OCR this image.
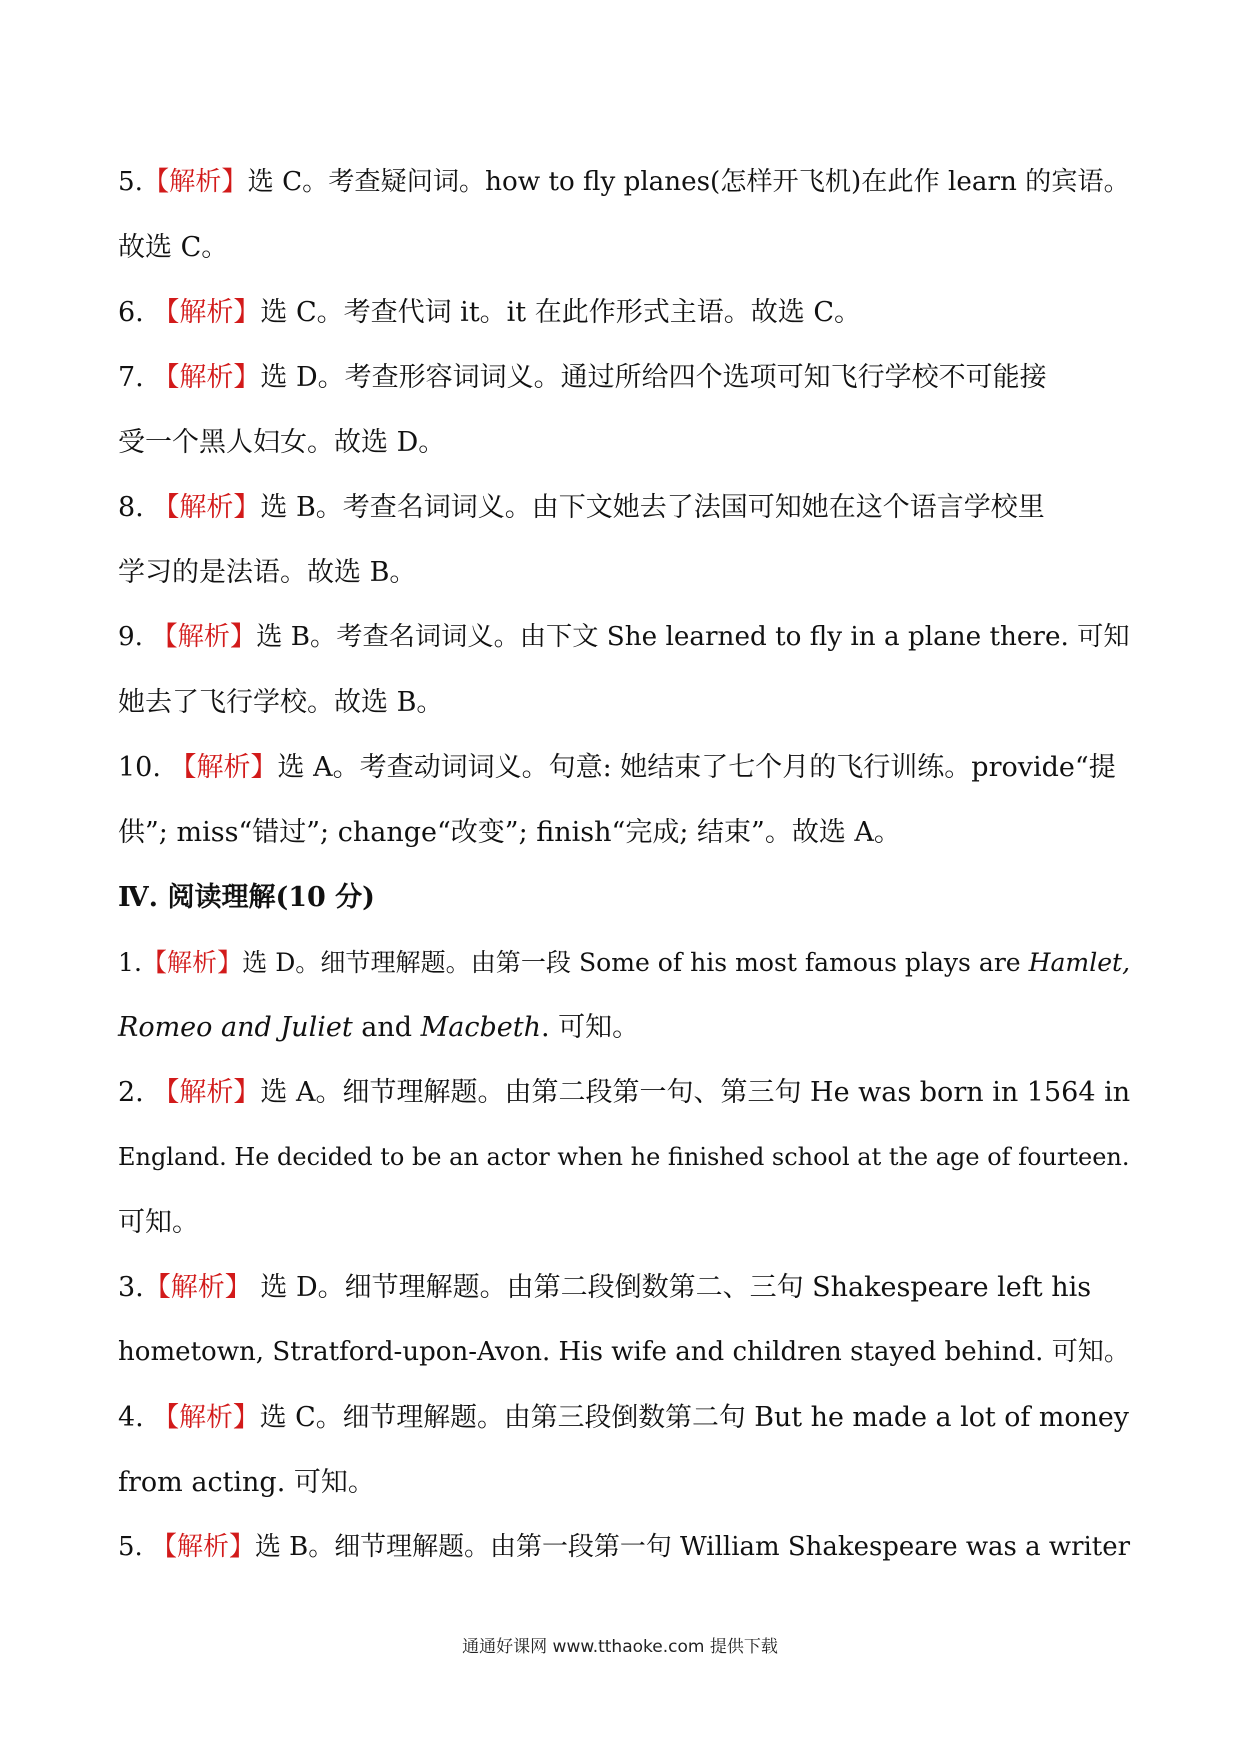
5.【解析】选 C。考查疑问词。how to fly planes(怎样开飞机)在此作 learn 的宾语。
故选 C。
6. 【解析】选 C。考查代词 it。it 在此作形式主语。故选 C。
7. 【解析】选 D。考查形容词词义。通过所给四个选项可知飞行学校不可能接
受一个黑人妇女。故选 D。
8. 【解析】选 B。考查名词词义。由下文她去了法国可知她在这个语言学校里
学习的是法语。故选 B。
9. 【解析】选 B。考查名词词义。由下文 She learned to fly in a plane there. 可知
她去了飞行学校。故选 B。
10. 【解析】选 A。考查动词词义。句意: 她结束了七个月的飞行训练。provide“提
供”; miss“错过”; change“改变”; finish“完成; 结束”。故选 A。
Ⅳ. 阅读理解(10 分)
1.【解析】选 D。细节理解题。由第一段 Some of his most famous plays are Hamlet,
Romeo and Juliet and Macbeth. 可知。
2. 【解析】选 A。细节理解题。由第二段第一句、第三句 He was born in 1564 in
England. He decided to be an actor when he finished school at the age of fourteen.
可知。
3.【解析】 选 D。细节理解题。由第二段倒数第二、三句 Shakespeare left his
hometown, Stratford-upon-Avon. His wife and children stayed behind. 可知。
4. 【解析】选 C。细节理解题。由第三段倒数第二句 But he made a lot of money
from acting. 可知。
5. 【解析】选 B。细节理解题。由第一段第一句 William Shakespeare was a writer
通通好课网 www.tthaoke.com 提供下载
